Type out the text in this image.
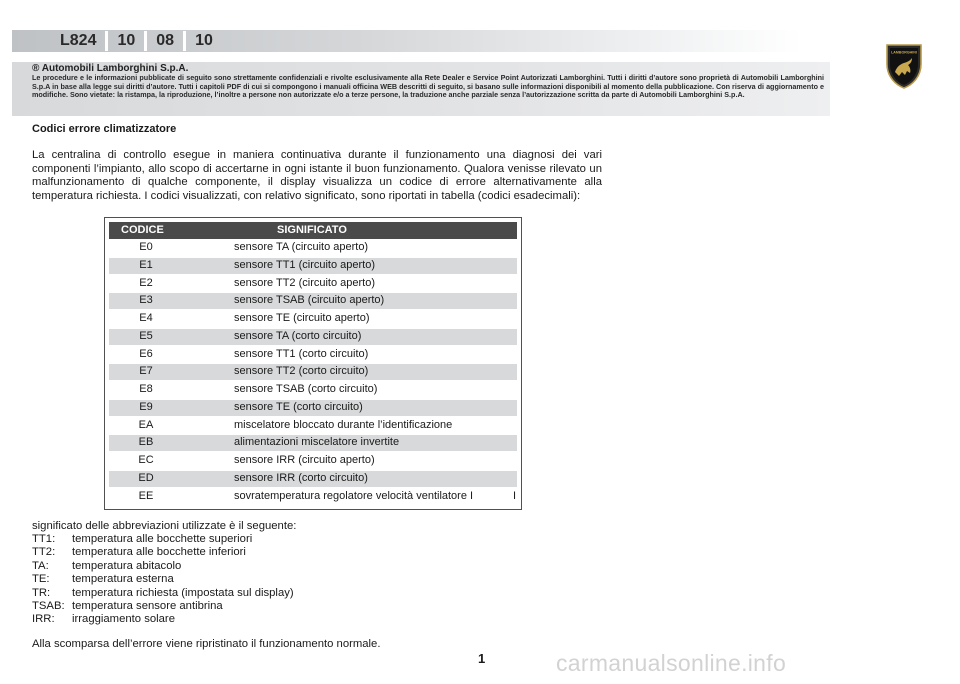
L824	10	08	10
LAMBORGHINI
® Automobili Lamborghini S.p.A.
Le procedure e le informazioni pubblicate di seguito sono strettamente confidenziali e rivolte esclusivamente alla Rete Dealer e Service Point Autorizzati Lamborghini. Tutti i diritti d’autore sono proprietà di Automobili Lamborghini S.p.A in base alla legge sui diritti d’autore. Tutti i capitoli PDF di cui si compongono i manuali officina WEB descritti di seguito, si basano sulle informazioni disponibili al momento della pubblicazione. Con riserva di aggiornamento e modifiche. Sono vietate: la ristampa, la riproduzione, l’inoltre a persone non autorizzate e/o a terze persone, la traduzione anche parziale senza l’autorizzazione scritta da parte di Automobili Lamborghini S.p.A.
Codici errore climatizzatore
La centralina di controllo esegue in maniera continuativa durante il funzionamento una diagnosi dei vari componenti l’impianto, allo scopo di accertarne in ogni istante il buon funzionamento. Qualora venisse rilevato un malfunzionamento di qualche componente, il display visualizza un codice di errore alternativamente alla temperatura richiesta. I codici visualizzati, con relativo significato, sono riportati in tabella (codici esadecimali):
CODICE	SIGNIFICATO
E0	sensore TA (circuito aperto)
E1	sensore TT1 (circuito aperto)
E2	sensore TT2 (circuito aperto)
E3	sensore TSAB (circuito aperto)
E4	sensore TE (circuito aperto)
E5	sensore TA (corto circuito)
E6	sensore TT1 (corto circuito)
E7	sensore TT2 (corto circuito)
E8	sensore TSAB (corto circuito)
E9	sensore TE (corto circuito)
EA	miscelatore bloccato durante l’identificazione
EB	alimentazioni miscelatore invertite
EC	sensore IRR (circuito aperto)
ED	sensore IRR (corto circuito)
EE	sovratemperatura regolatore velocità ventilatore I	I
significato delle abbreviazioni utilizzate è il seguente:
TT1:	temperatura alle bocchette superiori
TT2:	temperatura alle bocchette inferiori
TA:	temperatura abitacolo
TE:	temperatura esterna
TR:	temperatura richiesta (impostata sul display)
TSAB: temperatura sensore antibrina
IRR:	irraggiamento solare
Alla scomparsa dell’errore viene ripristinato il funzionamento normale.
1	carmanualsonline.info
